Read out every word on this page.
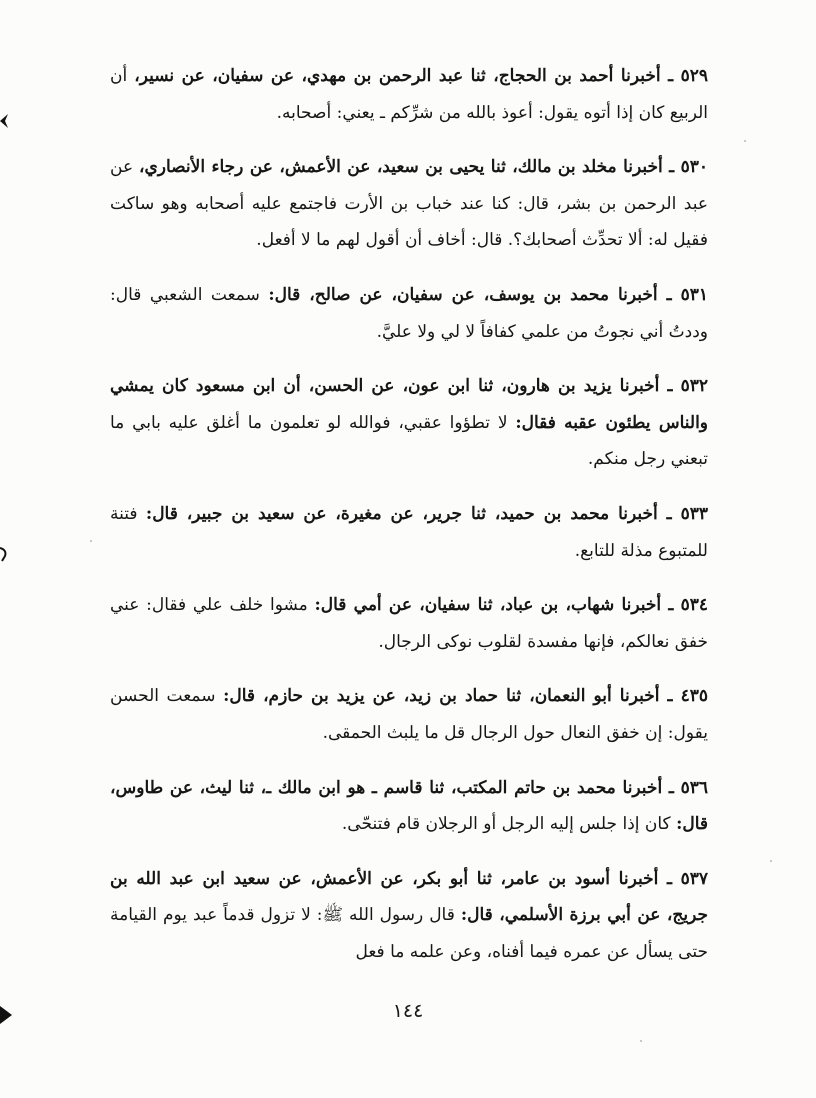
٥٢٩ ـ أخبرنا أحمد بن الحجاج، ثنا عبد الرحمن بن مهدي، عن سفيان، عن نسير، أن الربيع كان إذا أتوه يقول: أعوذ بالله من شرِّكم ـ يعني: أصحابه.

٥٣٠ ـ أخبرنا مخلد بن مالك، ثنا يحيى بن سعيد، عن الأعمش، عن رجاء الأنصاري، عن عبد الرحمن بن بشر، قال: كنا عند خباب بن الأرت فاجتمع عليه أصحابه وهو ساكت فقيل له: ألا تحدِّث أصحابك؟. قال: أخاف أن أقول لهم ما لا أفعل.

٥٣١ ـ أخبرنا محمد بن يوسف، عن سفيان، عن صالح، قال: سمعت الشعبي قال: وددتُ أني نجوتُ من علمي كفافاً لا لي ولا عليَّ.

٥٣٢ ـ أخبرنا يزيد بن هارون، ثنا ابن عون، عن الحسن، أن ابن مسعود كان يمشي والناس يطئون عقبه فقال: لا تطؤوا عقبي، فوالله لو تعلمون ما أغلق عليه بابي ما تبعني رجل منكم.

٥٣٣ ـ أخبرنا محمد بن حميد، ثنا جرير، عن مغيرة، عن سعيد بن جبير، قال: فتنة للمتبوع مذلة للتابع.

٥٣٤ ـ أخبرنا شهاب، بن عباد، ثنا سفيان، عن أمي قال: مشوا خلف علي فقال: عني خفق نعالكم، فإنها مفسدة لقلوب نوكى الرجال.

٤٣٥ ـ أخبرنا أبو النعمان، ثنا حماد بن زيد، عن يزيد بن حازم، قال: سمعت الحسن يقول: إن خفق النعال حول الرجال قل ما يلبث الحمقى.

٥٣٦ ـ أخبرنا محمد بن حاتم المكتب، ثنا قاسم ـ هو ابن مالك ـ، ثنا ليث، عن طاوس، قال: كان إذا جلس إليه الرجل أو الرجلان قام فتنحّى.

٥٣٧ ـ أخبرنا أسود بن عامر، ثنا أبو بكر، عن الأعمش، عن سعيد ابن عبد الله بن جريج، عن أبي برزة الأسلمي، قال: قال رسول الله ﷺ: لا تزول قدماً عبد يوم القيامة حتى يسأل عن عمره فيما أفناه، وعن علمه ما فعل

١٤٤
